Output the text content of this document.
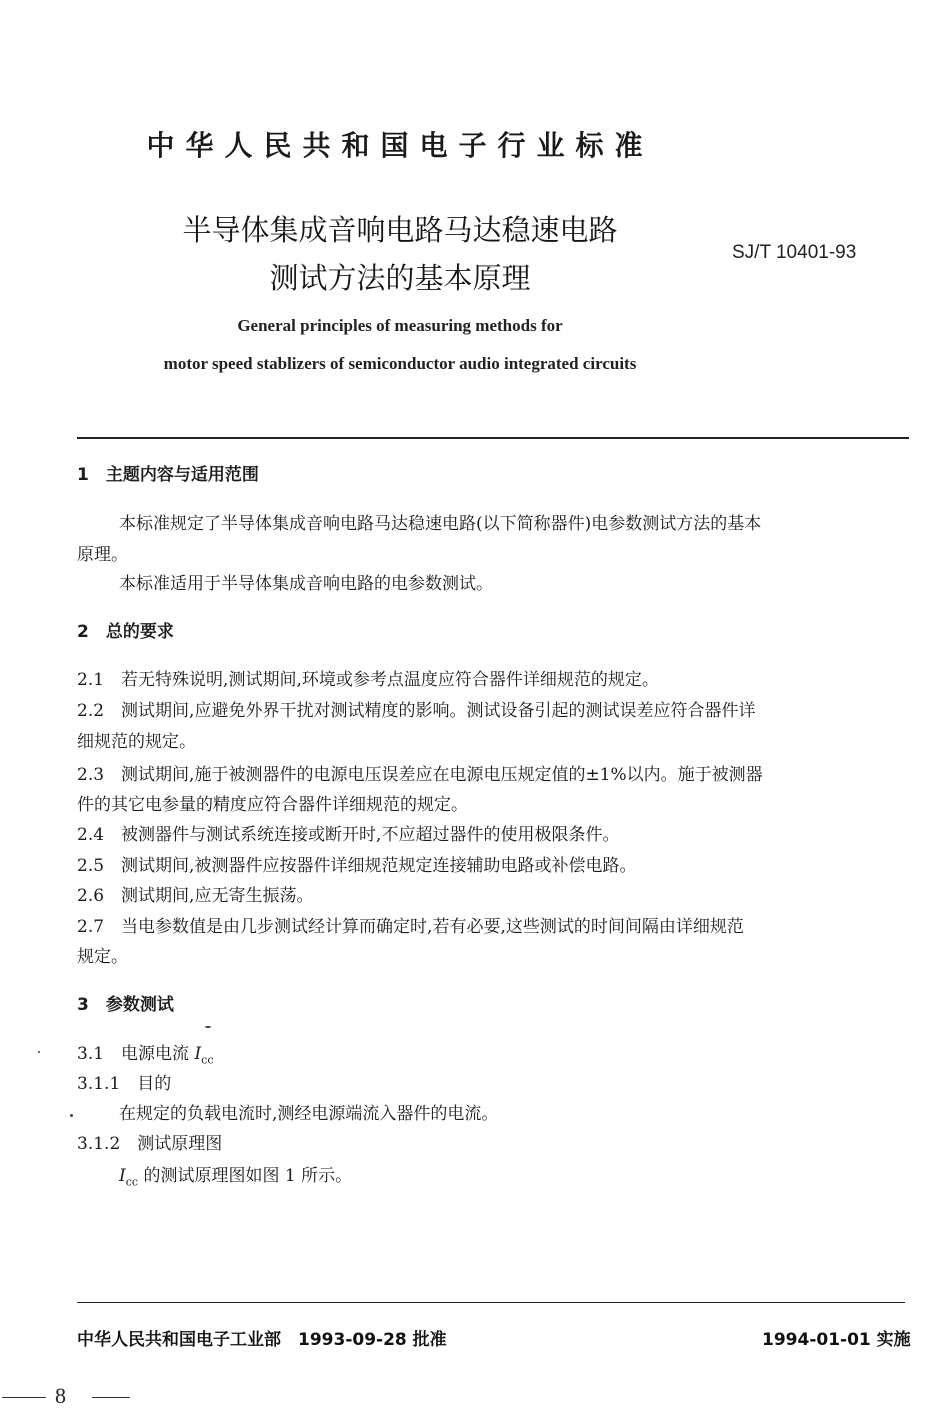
中华人民共和国电子行业标准
半导体集成音响电路马达稳速电路
测试方法的基本原理
SJ/T 10401-93
General principles of measuring methods for
motor speed stablizers of semiconductor audio integrated circuits
1　主题内容与适用范围
本标准规定了半导体集成音响电路马达稳速电路(以下简称器件)电参数测试方法的基本
原理。
本标准适用于半导体集成音响电路的电参数测试。
2　总的要求
2.1　若无特殊说明,测试期间,环境或参考点温度应符合器件详细规范的规定。
2.2　测试期间,应避免外界干扰对测试精度的影响。测试设备引起的测试误差应符合器件详
细规范的规定。
2.3　测试期间,施于被测器件的电源电压误差应在电源电压规定值的±1%以内。施于被测器
件的其它电参量的精度应符合器件详细规范的规定。
2.4　被测器件与测试系统连接或断开时,不应超过器件的使用极限条件。
2.5　测试期间,被测器件应按器件详细规范规定连接辅助电路或补偿电路。
2.6　测试期间,应无寄生振荡。
2.7　当电参数值是由几步测试经计算而确定时,若有必要,这些测试的时间间隔由详细规范
规定。
3　参数测试
3.1　电源电流 $I_{cc}$
3.1.1　目的
在规定的负载电流时,测经电源端流入器件的电流。
3.1.2　测试原理图
$I_{cc}$ 的测试原理图如图 1 所示。
中华人民共和国电子工业部　1993-09-28 批准	1994-01-01 实施
8
